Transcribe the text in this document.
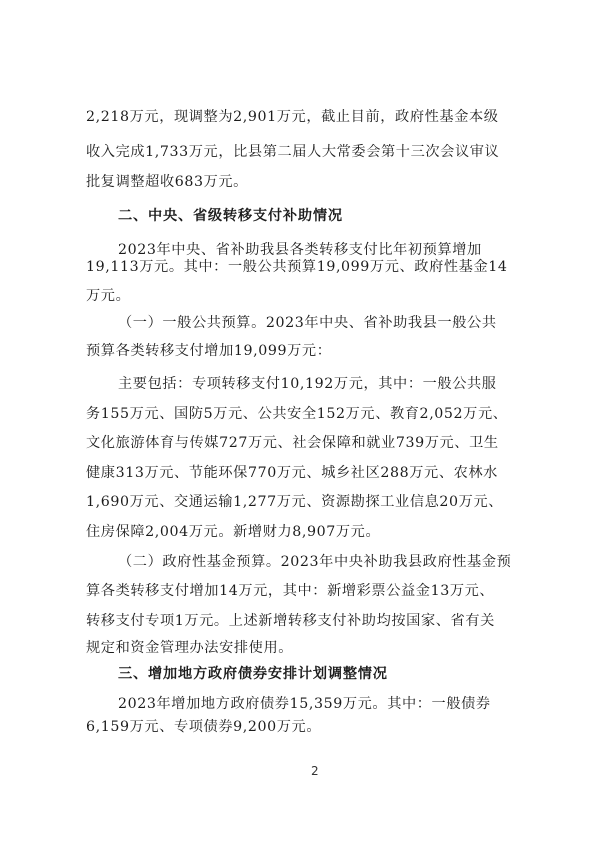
2,218万元，现调整为2,901万元，截止目前，政府性基金本级
收入完成1,733万元，比县第二届人大常委会第十三次会议审议
批复调整超收683万元。
二、中央、省级转移支付补助情况
2023年中央、省补助我县各类转移支付比年初预算增加
19,113万元。其中：一般公共预算19,099万元、政府性基金14
万元。
（一）一般公共预算。2023年中央、省补助我县一般公共
预算各类转移支付增加19,099万元：
主要包括：专项转移支付10,192万元，其中：一般公共服
务155万元、国防5万元、公共安全152万元、教育2,052万元、
文化旅游体育与传媒727万元、社会保障和就业739万元、卫生
健康313万元、节能环保770万元、城乡社区288万元、农林水
1,690万元、交通运输1,277万元、资源勘探工业信息20万元、
住房保障2,004万元。新增财力8,907万元。
（二）政府性基金预算。2023年中央补助我县政府性基金预
算各类转移支付增加14万元，其中：新增彩票公益金13万元、
转移支付专项1万元。上述新增转移支付补助均按国家、省有关
规定和资金管理办法安排使用。
三、增加地方政府债券安排计划调整情况
2023年增加地方政府债券15,359万元。其中：一般债券
6,159万元、专项债券9,200万元。
2
